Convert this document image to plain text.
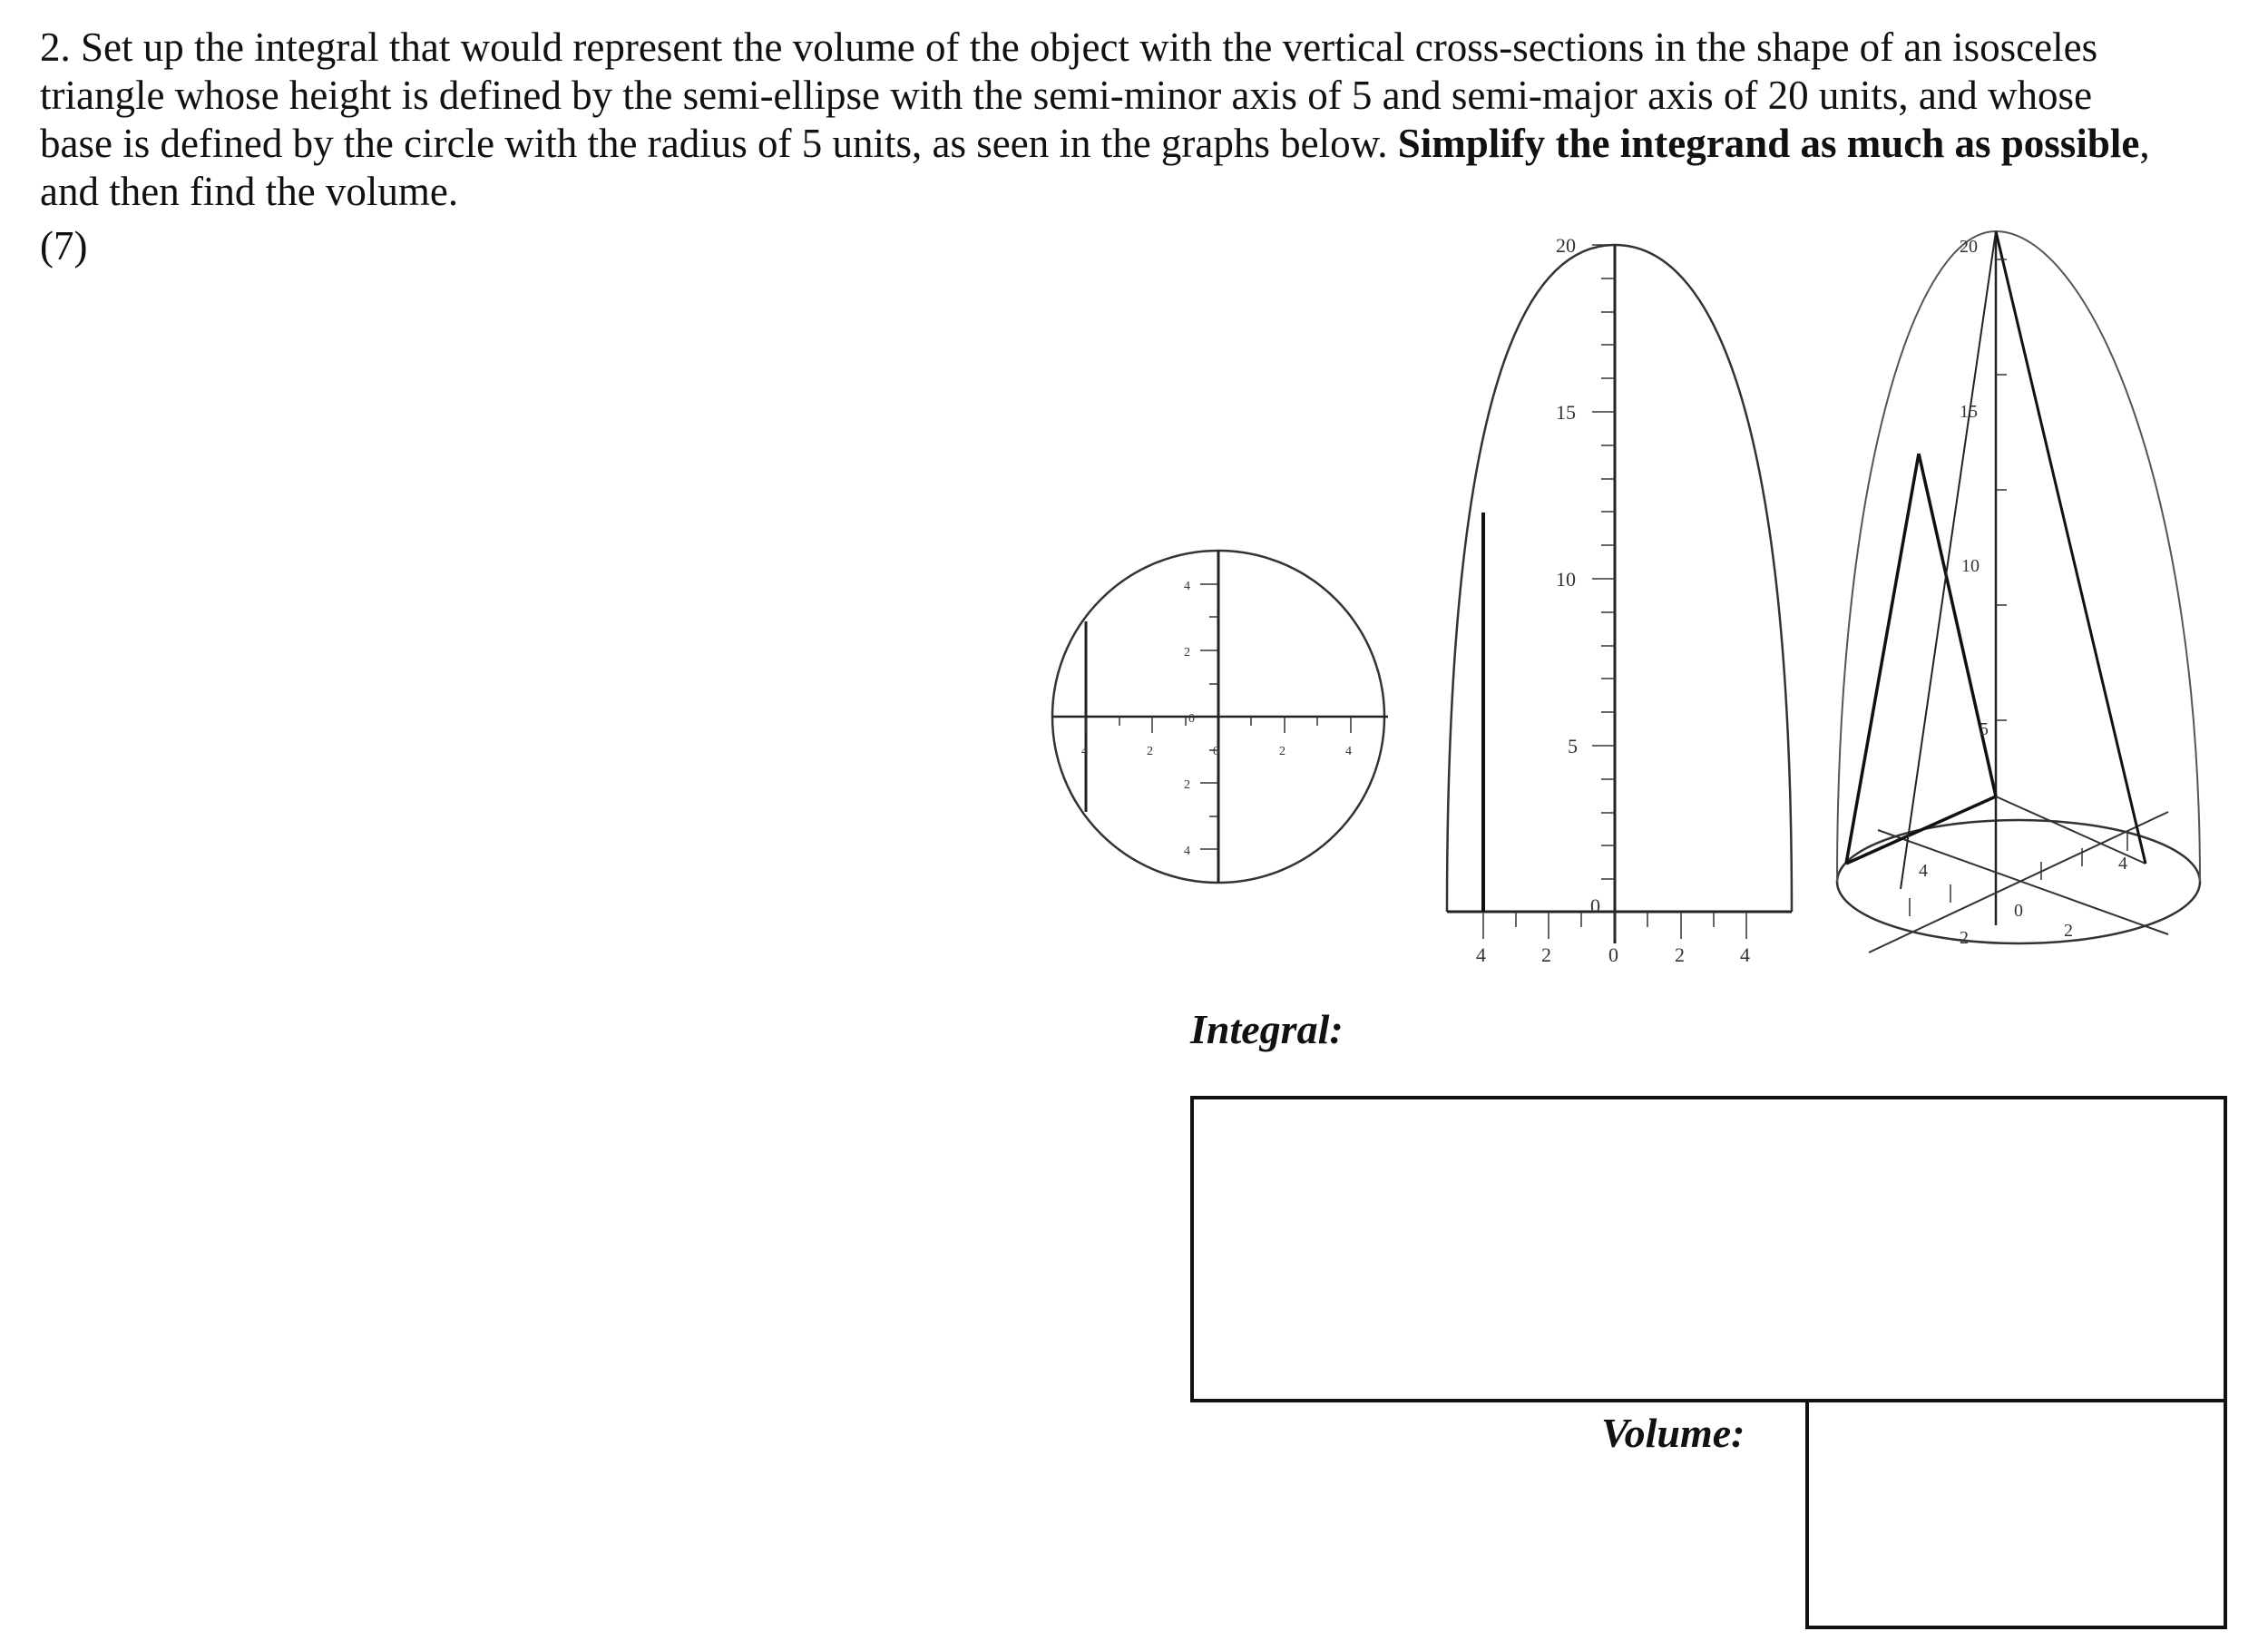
2. Set up the integral that would represent the volume of the object with the vertical cross-sections in the shape of an isosceles triangle whose height is defined by the semi-ellipse with the semi-minor axis of 5 and semi-major axis of 20 units, and whose base is defined by the circle with the radius of 5 units, as seen in the graphs below. Simplify the integrand as much as possible, and then find the volume.

(7)
4	2	0	2	4
4
2
0
2
4
4	2	0	2	4
20
15
10
5
0
20
15
10
5
4
2
0
2
4
Integral:
Volume:
